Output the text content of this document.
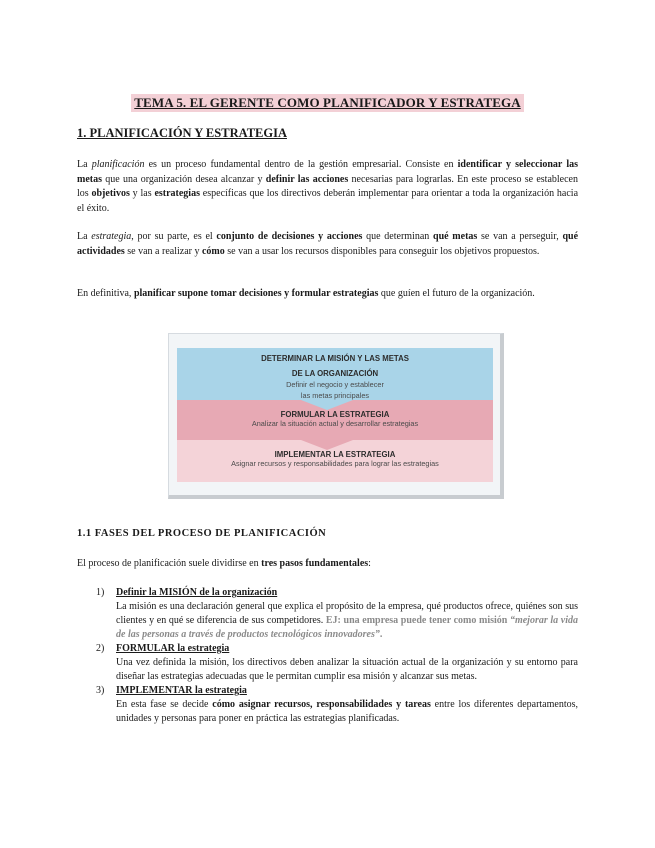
TEMA 5. EL GERENTE COMO PLANIFICADOR Y ESTRATEGA
1. PLANIFICACIÓN Y ESTRATEGIA
La planificación es un proceso fundamental dentro de la gestión empresarial. Consiste en identificar y seleccionar las metas que una organización desea alcanzar y definir las acciones necesarias para lograrlas. En este proceso se establecen los objetivos y las estrategias específicas que los directivos deberán implementar para orientar a toda la organización hacia el éxito.
La estrategia, por su parte, es el conjunto de decisiones y acciones que determinan qué metas se van a perseguir, qué actividades se van a realizar y cómo se van a usar los recursos disponibles para conseguir los objetivos propuestos.
En definitiva, planificar supone tomar decisiones y formular estrategias que guíen el futuro de la organización.
DETERMINAR LA MISIÓN Y LAS METAS
DE LA ORGANIZACIÓN
Definir el negocio y establecer
las metas principales
FORMULAR LA ESTRATEGIA
Analizar la situación actual y desarrollar estrategias
IMPLEMENTAR LA ESTRATEGIA
Asignar recursos y responsabilidades para lograr las estrategias
1.1 FASES DEL PROCESO DE PLANIFICACIÓN
El proceso de planificación suele dividirse en tres pasos fundamentales:
1) Definir la MISIÓN de la organización
La misión es una declaración general que explica el propósito de la empresa, qué productos ofrece, quiénes son sus clientes y en qué se diferencia de sus competidores. EJ: una empresa puede tener como misión “mejorar la vida de las personas a través de productos tecnológicos innovadores”.
2) FORMULAR la estrategia
Una vez definida la misión, los directivos deben analizar la situación actual de la organización y su entorno para diseñar las estrategias adecuadas que le permitan cumplir esa misión y alcanzar sus metas.
3) IMPLEMENTAR la estrategia
En esta fase se decide cómo asignar recursos, responsabilidades y tareas entre los diferentes departamentos, unidades y personas para poner en práctica las estrategias planificadas.
